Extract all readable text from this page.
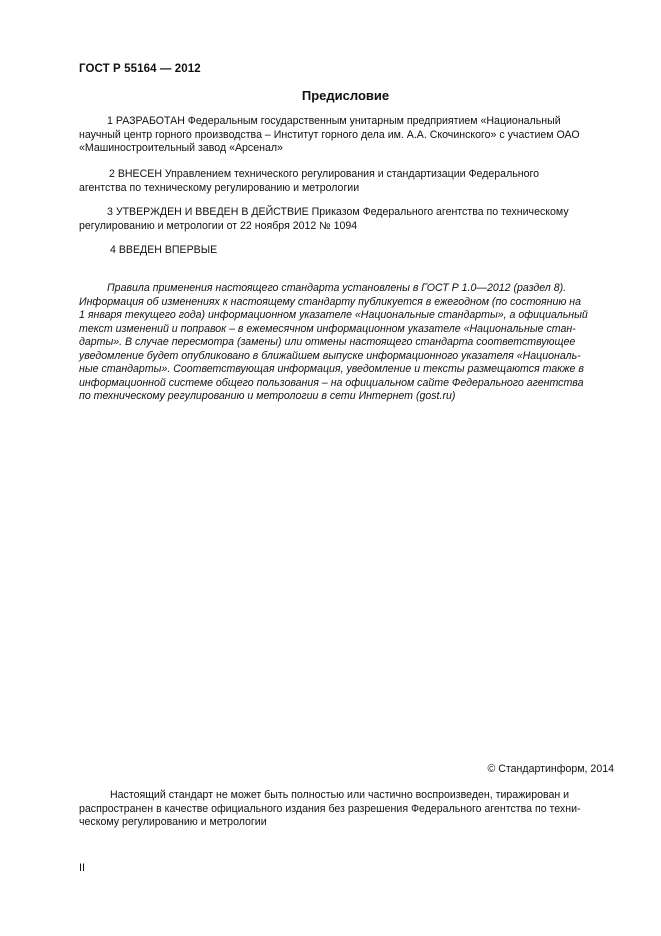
ГОСТ Р 55164 — 2012
Предисловие
1 РАЗРАБОТАН Федеральным государственным унитарным предприятием «Национальный
научный центр горного производства – Институт горного дела им. А.А. Скочинского» с участием ОАО
«Машиностроительный завод «Арсенал»
2 ВНЕСЕН Управлением технического регулирования и стандартизации Федерального
агентства по техническому регулированию и метрологии
3 УТВЕРЖДЕН И ВВЕДЕН В ДЕЙСТВИЕ Приказом Федерального агентства по техническому
регулированию и метрологии от 22 ноября 2012 № 1094
4 ВВЕДЕН ВПЕРВЫЕ
Правила применения настоящего стандарта установлены в ГОСТ Р 1.0—2012 (раздел 8).
Информация об изменениях к настоящему стандарту публикуется в ежегодном (по состоянию на
1 января текущего года) информационном указателе «Национальные стандарты», а официальный
текст изменений и поправок – в ежемесячном информационном указателе «Национальные стан-
дарты». В случае пересмотра (замены) или отмены настоящего стандарта соответствующее
уведомление будет опубликовано в ближайшем выпуске информационного указателя «Националь-
ные стандарты». Соответствующая информация, уведомление и тексты размещаются также в
информационной системе общего пользования – на официальном сайте Федерального агентства
по техническому регулированию и метрологии в сети Интернет (gost.ru)
© Стандартинформ, 2014
Настоящий стандарт не может быть полностью или частично воспроизведен, тиражирован и
распространен в качестве официального издания без разрешения Федерального агентства по техни-
ческому регулированию и метрологии
II
